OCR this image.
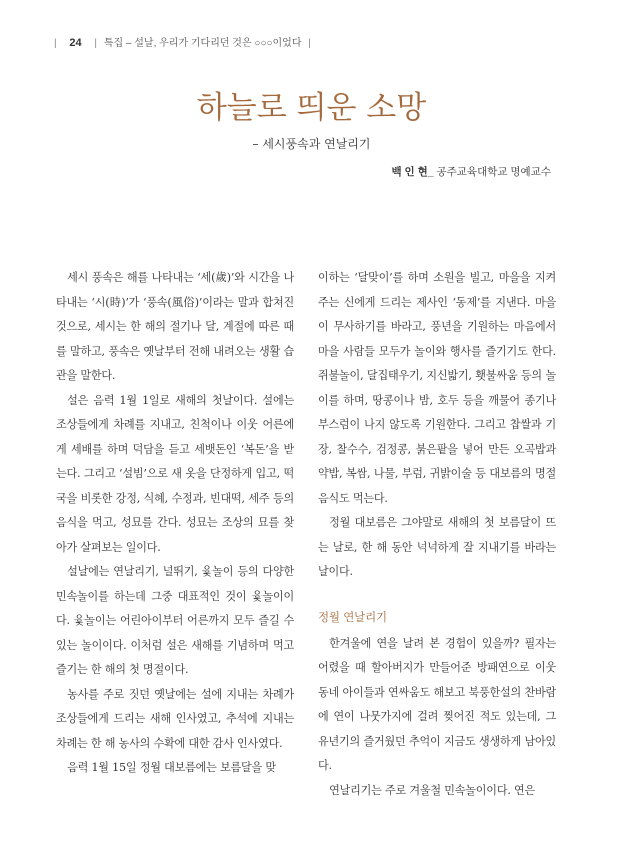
| 24 | 특집 – 설날, 우리가 기다리던 것은 ○○○이었다 |
하늘로 띄운 소망
– 세시풍속과 연날리기
백 인 현_ 공주교육대학교 명예교수

세시 풍속은 해를 나타내는 ‘세(歲)’와 시간을 나타내는 ‘시(時)’가 ‘풍속(風俗)’이라는 말과 합쳐진 것으로, 세시는 한 해의 절기나 달, 계절에 따른 때를 말하고, 풍속은 옛날부터 전해 내려오는 생활 습관을 말한다.

설은 음력 1월 1일로 새해의 첫날이다. 설에는 조상들에게 차례를 지내고, 친척이나 이웃 어른에게 세배를 하며 덕담을 듣고 세뱃돈인 ‘복돈’을 받는다. 그리고 ‘설빔’으로 새 옷을 단정하게 입고, 떡국을 비롯한 강정, 식혜, 수정과, 빈대떡, 세주 등의 음식을 먹고, 성묘를 간다. 성묘는 조상의 묘를 찾아가 살펴보는 일이다.

설날에는 연날리기, 널뛰기, 윷놀이 등의 다양한 민속놀이를 하는데 그중 대표적인 것이 윷놀이이다. 윷놀이는 어린아이부터 어른까지 모두 즐길 수 있는 놀이이다. 이처럼 설은 새해를 기념하며 먹고 즐기는 한 해의 첫 명절이다.

농사를 주로 짓던 옛날에는 설에 지내는 차례가 조상들에게 드리는 새해 인사였고, 추석에 지내는 차례는 한 해 농사의 수확에 대한 감사 인사였다.

음력 1월 15일 정월 대보름에는 보름달을 맞

이하는 ‘달맞이’를 하며 소원을 빌고, 마을을 지켜주는 신에게 드리는 제사인 ‘동제’를 지낸다. 마을이 무사하기를 바라고, 풍년을 기원하는 마음에서 마을 사람들 모두가 놀이와 행사를 즐기기도 한다. 쥐불놀이, 달집태우기, 지신밟기, 횃불싸움 등의 놀이를 하며, 땅콩이나 밤, 호두 등을 깨물어 종기나 부스럼이 나지 않도록 기원한다. 그리고 찹쌀과 기장, 찰수수, 검정콩, 붉은팥을 넣어 만든 오곡밥과 약밥, 복쌈, 나물, 부럼, 귀밝이술 등 대보름의 명절 음식도 먹는다.

정월 대보름은 그야말로 새해의 첫 보름달이 뜨는 날로, 한 해 동안 넉넉하게 잘 지내기를 바라는 날이다.

정월 연날리기

한겨울에 연을 날려 본 경험이 있을까? 필자는 어렸을 때 할아버지가 만들어준 방패연으로 이웃 동네 아이들과 연싸움도 해보고 북풍한설의 찬바람에 연이 나뭇가지에 걸려 찢어진 적도 있는데, 그 유년기의 즐거웠던 추억이 지금도 생생하게 남아있다.

연날리기는 주로 겨울철 민속놀이이다. 연은
